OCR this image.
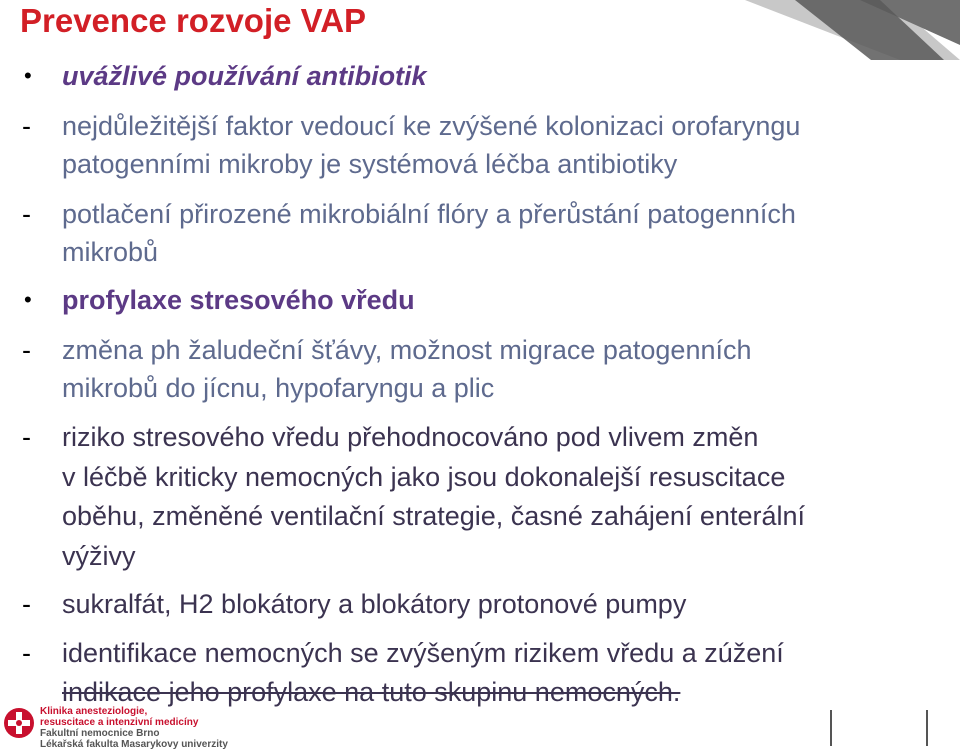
Prevence rozvoje VAP
• uvážlivé používání antibiotik

- nejdůležitější faktor vedoucí ke zvýšené kolonizaci orofaryngu

patogenními mikroby je systémová léčba antibiotiky

- potlačení přirozené mikrobiální flóry a přerůstání patogenních

mikrobů

• profylaxe stresového vředu

- změna ph žaludeční šťávy, možnost migrace patogenních

mikrobů do jícnu, hypofaryngu a plic

- riziko stresového vředu přehodnocováno pod vlivem změn

v léčbě kriticky nemocných jako jsou dokonalejší resuscitace

oběhu, změněné ventilační strategie, časné zahájení enterální

výživy

- sukralfát, H2 blokátory a blokátory protonové pumpy

- identifikace nemocných se zvýšeným rizikem vředu a zúžení

indikace jeho profylaxe na tuto skupinu nemocných.

Klinika anesteziologie,
resuscitace a intenzivní medicíny
Fakultní nemocnice Brno
Lékařská fakulta Masarykovy univerzity
